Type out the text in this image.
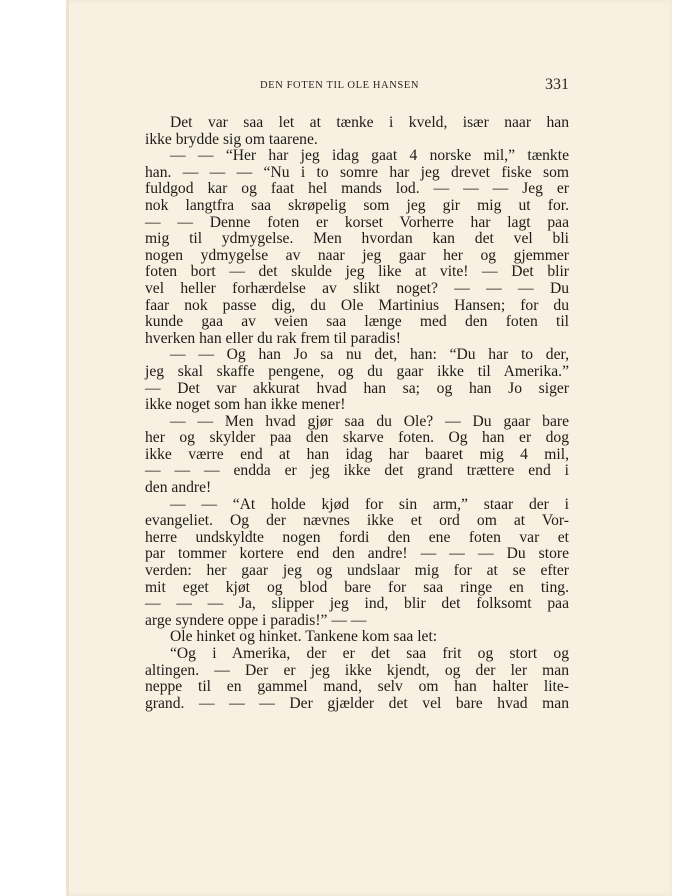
DEN FOTEN TIL OLE HANSEN	331
Det var saa let at tænke i kveld, især naar han
ikke brydde sig om taarene.
— — “Her har jeg idag gaat 4 norske mil,” tænkte
han. — — — “Nu i to somre har jeg drevet fiske som
fuldgod kar og faat hel mands lod. — — — Jeg er
nok langtfra saa skrøpelig som jeg gir mig ut for.
— — Denne foten er korset Vorherre har lagt paa
mig til ydmygelse. Men hvordan kan det vel bli
nogen ydmygelse av naar jeg gaar her og gjemmer
foten bort — det skulde jeg like at vite! — Det blir
vel heller forhærdelse av slikt noget? — — — Du
faar nok passe dig, du Ole Martinius Hansen; for du
kunde gaa av veien saa længe med den foten til
hverken han eller du rak frem til paradis!
— — Og han Jo sa nu det, han: “Du har to der,
jeg skal skaffe pengene, og du gaar ikke til Amerika.”
— Det var akkurat hvad han sa; og han Jo siger
ikke noget som han ikke mener!
— — Men hvad gjør saa du Ole? — Du gaar bare
her og skylder paa den skarve foten. Og han er dog
ikke værre end at han idag har baaret mig 4 mil,
— — — endda er jeg ikke det grand trættere end i
den andre!
— — “At holde kjød for sin arm,” staar der i
evangeliet. Og der nævnes ikke et ord om at Vor-
herre undskyldte nogen fordi den ene foten var et
par tommer kortere end den andre! — — — Du store
verden: her gaar jeg og undslaar mig for at se efter
mit eget kjøt og blod bare for saa ringe en ting.
— — — Ja, slipper jeg ind, blir det folksomt paa
arge syndere oppe i paradis!” — —
Ole hinket og hinket. Tankene kom saa let:
“Og i Amerika, der er det saa frit og stort og
altingen. — Der er jeg ikke kjendt, og der ler man
neppe til en gammel mand, selv om han halter lite-
grand. — — — Der gjælder det vel bare hvad man
